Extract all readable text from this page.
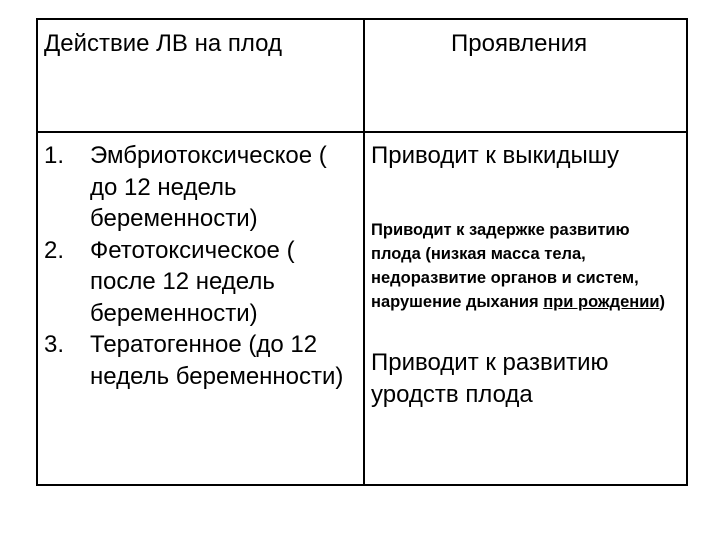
Действие ЛВ на плод	Проявления
1. Эмбриотоксическое ( до 12 недель беременности)
2. Фетотоксическое ( после 12 недель беременности)
3. Тератогенное (до 12 недель беременности)
Приводит к выкидышу
Приводит к задержке развитию плода (низкая масса тела, недоразвитие органов и систем, нарушение дыхания при рождении)
Приводит к развитию уродств плода
